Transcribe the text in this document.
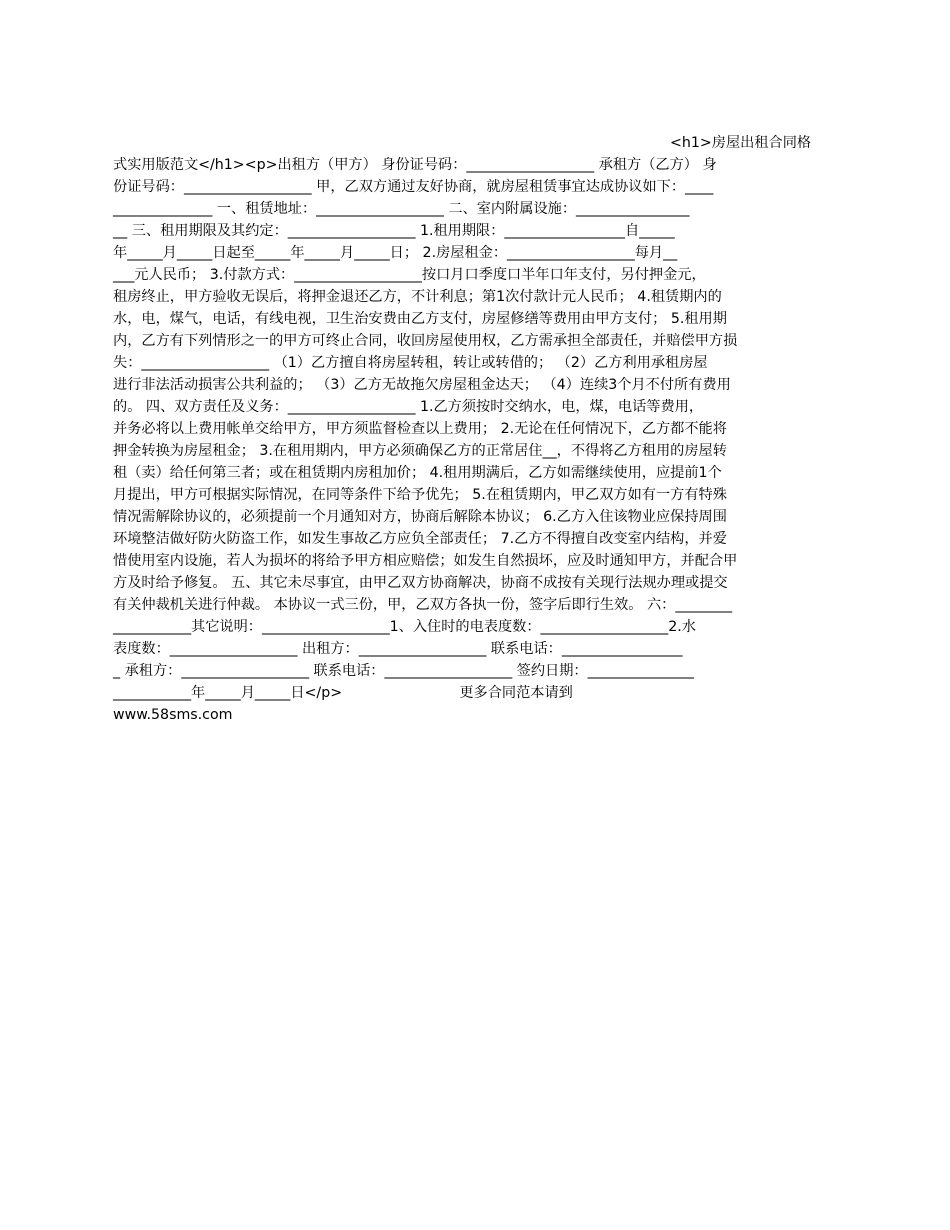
<h1>房屋出租合同格
式实用版范文</h1><p>出租方（甲方） 身份证号码：__________________ 承租方（乙方） 身
份证号码：__________________ 甲，乙双方通过友好协商，就房屋租赁事宜达成协议如下：____
______________ 一、租赁地址：__________________ 二、室内附属设施：________________
__ 三、租用期限及其约定：__________________ 1.租用期限：_________________自_____
年_____月_____日起至_____年_____月_____日； 2.房屋租金：__________________每月__
___元人民币； 3.付款方式：__________________按口月口季度口半年口年支付，另付押金元，
租房终止，甲方验收无误后，将押金退还乙方，不计利息；第1次付款计元人民币； 4.租赁期内的
水，电，煤气，电话，有线电视，卫生治安费由乙方支付，房屋修缮等费用由甲方支付； 5.租用期
内，乙方有下列情形之一的甲方可终止合同，收回房屋使用权，乙方需承担全部责任，并赔偿甲方损
失：__________________ （1）乙方擅自将房屋转租，转让或转借的； （2）乙方利用承租房屋
进行非法活动损害公共利益的； （3）乙方无故拖欠房屋租金达天； （4）连续3个月不付所有费用
的。 四、双方责任及义务：__________________ 1.乙方须按时交纳水，电，煤，电话等费用，
并务必将以上费用帐单交给甲方，甲方须监督检查以上费用； 2.无论在任何情况下，乙方都不能将
押金转换为房屋租金； 3.在租用期内，甲方必须确保乙方的正常居住__，不得将乙方租用的房屋转
租（卖）给任何第三者；或在租赁期内房租加价； 4.租用期满后，乙方如需继续使用，应提前1个
月提出，甲方可根据实际情况，在同等条件下给予优先； 5.在租赁期内，甲乙双方如有一方有特殊
情况需解除协议的，必须提前一个月通知对方，协商后解除本协议； 6.乙方入住该物业应保持周围
环境整洁做好防火防盗工作，如发生事故乙方应负全部责任； 7.乙方不得擅自改变室内结构，并爱
惜使用室内设施，若人为损坏的将给予甲方相应赔偿；如发生自然损坏，应及时通知甲方，并配合甲
方及时给予修复。 五、其它未尽事宜，由甲乙双方协商解决，协商不成按有关现行法规办理或提交
有关仲裁机关进行仲裁。 本协议一式三份，甲，乙双方各执一份，签字后即行生效。 六：________
___________其它说明：__________________1、入住时的电表度数：__________________2.水
表度数：__________________ 出租方：__________________ 联系电话：_________________
_ 承租方：__________________ 联系电话：__________________ 签约日期：_______________
___________年_____月_____日</p>                          更多合同范本请到
www.58sms.com
